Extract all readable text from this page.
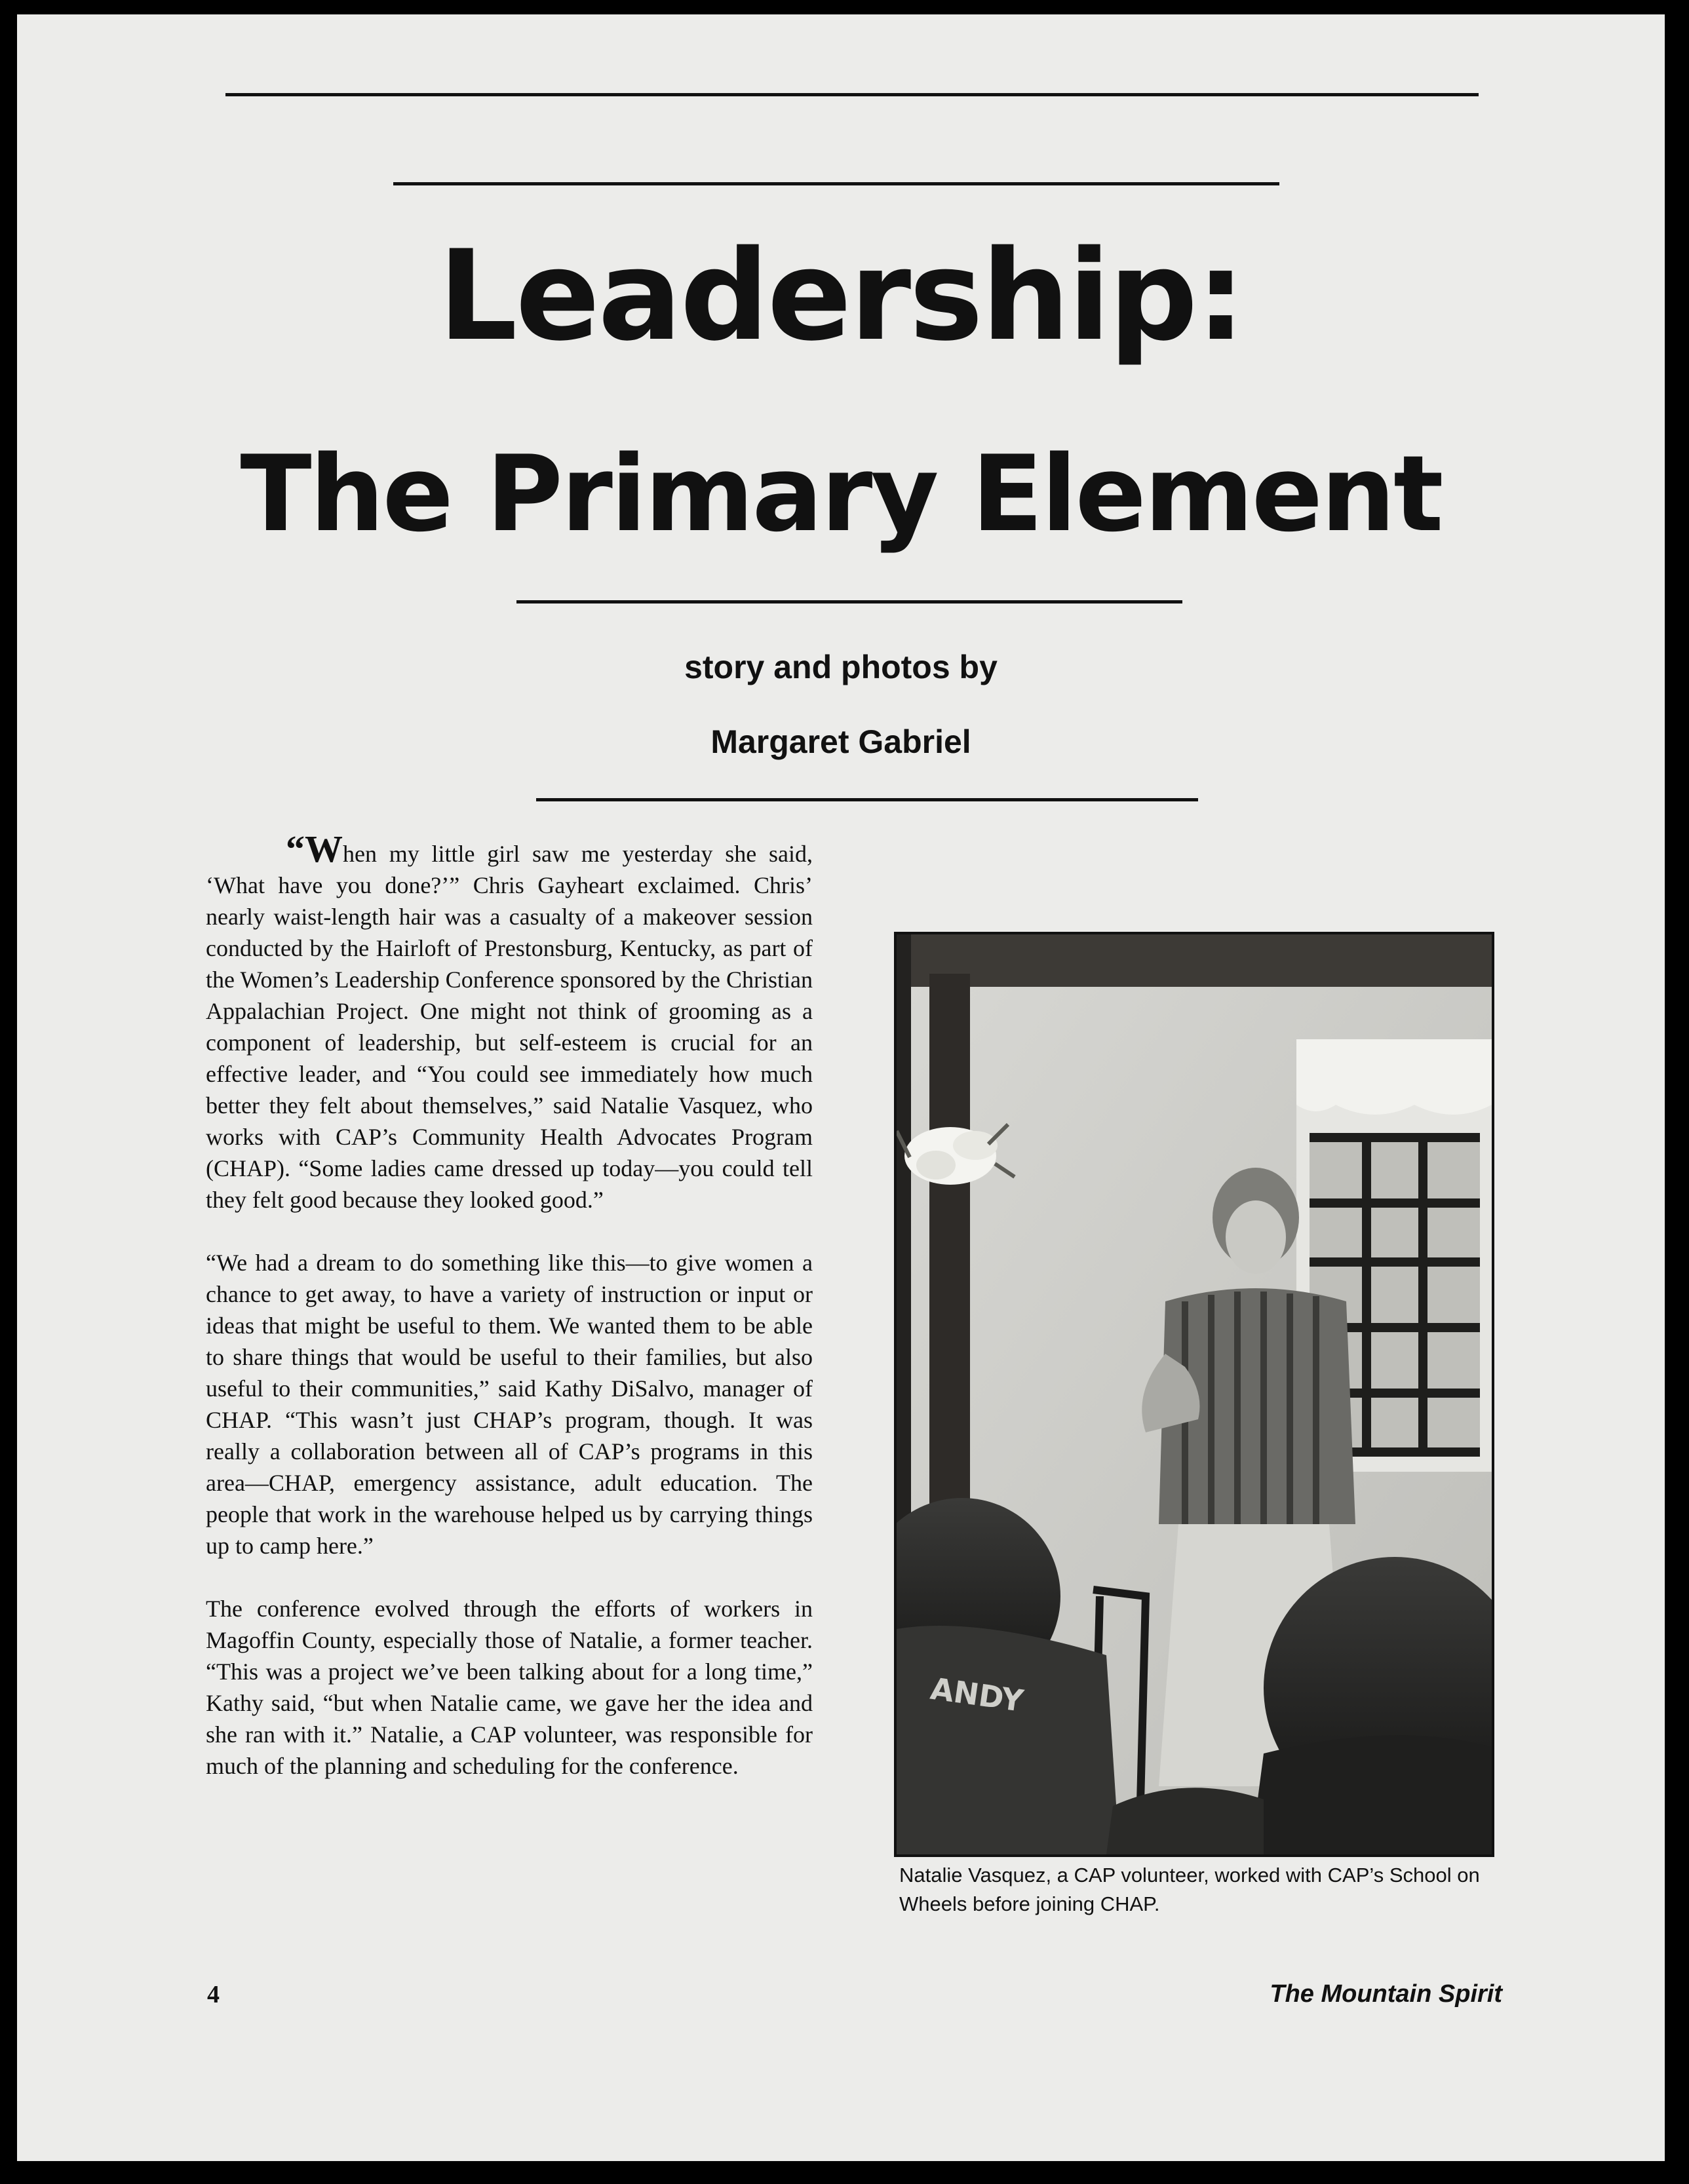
Leadership:
The Primary Element
story and photos by
Margaret Gabriel

“When my little girl saw me yesterday she said, ‘What have you done?’” Chris Gayheart exclaimed. Chris’ nearly waist-length hair was a casualty of a makeover session conducted by the Hairloft of Prestonsburg, Kentucky, as part of the Women’s Leadership Conference sponsored by the Christian Appalachian Project. One might not think of grooming as a component of leadership, but self-esteem is crucial for an effective leader, and “You could see immediately how much better they felt about themselves,” said Natalie Vasquez, who works with CAP’s Community Health Advocates Program (CHAP). “Some ladies came dressed up today—you could tell they felt good because they looked good.”

“We had a dream to do something like this—to give women a chance to get away, to have a variety of instruction or input or ideas that might be useful to them. We wanted them to be able to share things that would be useful to their families, but also useful to their communities,” said Kathy DiSalvo, manager of CHAP. “This wasn’t just CHAP’s program, though. It was really a collaboration between all of CAP’s programs in this area—CHAP, emergency assistance, adult education. The people that work in the warehouse helped us by carrying things up to camp here.”

The conference evolved through the efforts of workers in Magoffin County, especially those of Natalie, a former teacher. “This was a project we’ve been talking about for a long time,” Kathy said, “but when Natalie came, we gave her the idea and she ran with it.” Natalie, a CAP volunteer, was responsible for much of the planning and scheduling for the conference.

ANDY
Natalie Vasquez, a CAP volunteer, worked with CAP’s School on Wheels before joining CHAP.
4	The Mountain Spirit
